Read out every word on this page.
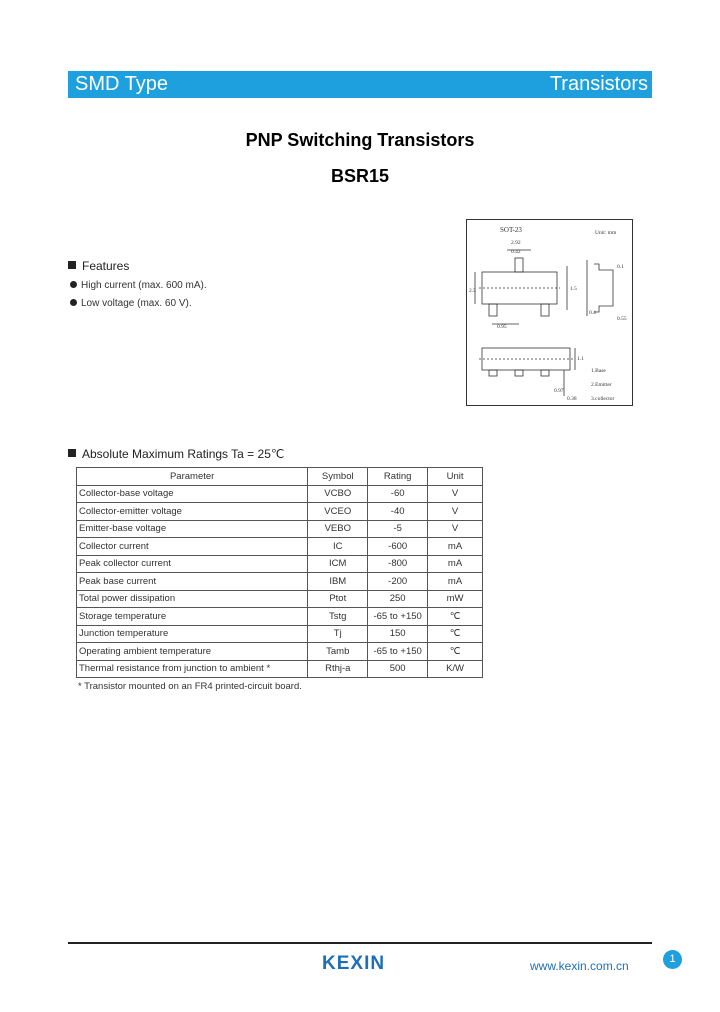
SMD Type	Transistors
PNP Switching Transistors
BSR15
Features
High current (max. 600 mA).
Low voltage (max. 60 V).
SOT-23	Unit: mm
2.92
0.42
2.5	1.5
0.95
0.1
0.4
0.55
0.97
1.1
0.38
1.Base
2.Emitter
3.collector
Absolute Maximum Ratings Ta = 25℃
Parameter	Symbol	Rating	Unit
Collector-base voltage	VCBO	-60	V
Collector-emitter voltage	VCEO	-40	V
Emitter-base voltage	VEBO	-5	V
Collector current	IC	-600	mA
Peak collector current	ICM	-800	mA
Peak base current	IBM	-200	mA
Total power dissipation	Ptot	250	mW
Storage temperature	Tstg	-65 to +150	℃
Junction temperature	Tj	150	℃
Operating ambient temperature	Tamb	-65 to +150	℃
Thermal resistance from junction to ambient *	Rthj-a	500	K/W
* Transistor mounted on an FR4 printed-circuit board.
KEXIN	www.kexin.com.cn	1
